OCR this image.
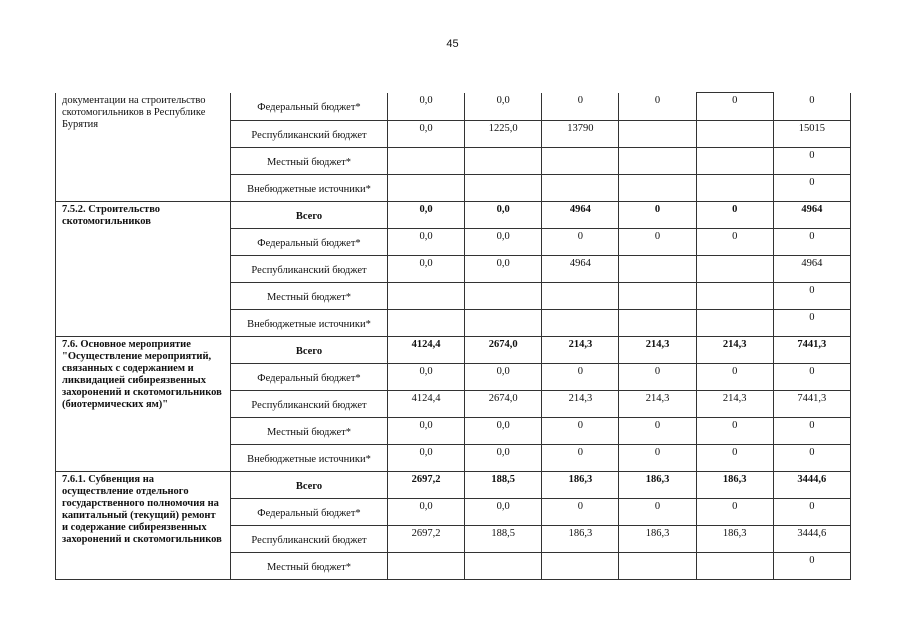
45
документации на строительство скотомогильников в Республике Бурятия	Федеральный бюджет*	0,0	0,0	0	0	0	0
	Республиканский бюджет	0,0	1225,0	13790			15015
	Местный бюджет*						0
	Внебюджетные источники*						0
7.5.2. Строительство скотомогильников	Всего	0,0	0,0	4964	0	0	4964
	Федеральный бюджет*	0,0	0,0	0	0	0	0
	Республиканский бюджет	0,0	0,0	4964			4964
	Местный бюджет*						0
	Внебюджетные источники*						0
7.6. Основное мероприятие "Осуществление мероприятий, связанных с содержанием и ликвидацией сибиреязвенных захоронений и скотомогильников (биотермических ям)"	Всего	4124,4	2674,0	214,3	214,3	214,3	7441,3
	Федеральный бюджет*	0,0	0,0	0	0	0	0
	Республиканский бюджет	4124,4	2674,0	214,3	214,3	214,3	7441,3
	Местный бюджет*	0,0	0,0	0	0	0	0
	Внебюджетные источники*	0,0	0,0	0	0	0	0
7.6.1. Субвенция на осуществление отдельного государственного полномочия на капитальный (текущий) ремонт и содержание сибиреязвенных захоронений и скотомогильников	Всего	2697,2	188,5	186,3	186,3	186,3	3444,6
	Федеральный бюджет*	0,0	0,0	0	0	0	0
	Республиканский бюджет	2697,2	188,5	186,3	186,3	186,3	3444,6
	Местный бюджет*						0
